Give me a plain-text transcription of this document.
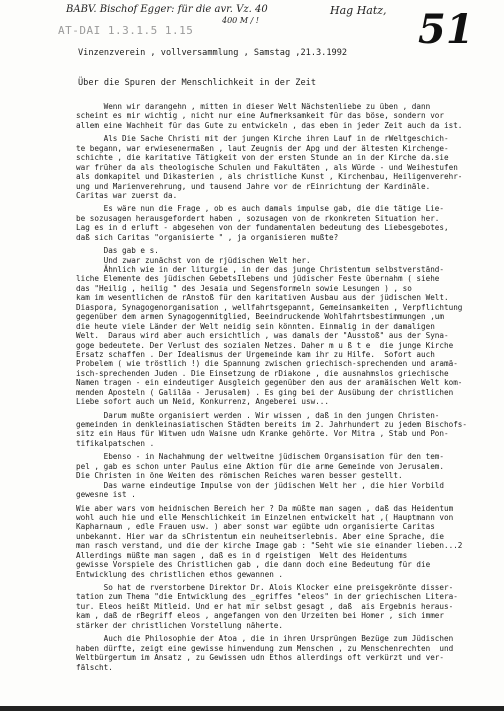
BABV. Bischof Egger: für die avr. Vz. 40
400 M / !
Hag Hatz,
AT-DAI 1.3.1.5 1.15	51
Vinzenzverein , vollversammlung , Samstag ,21.3.1992
Über die Spuren der Menschlichkeit in der Zeit
Wenn wir darangehn , mitten in dieser Welt Nächstenliebe zu üben , dann
scheint es mir wichtig , nicht nur eine Aufmerksamkeit für das böse, sondern vor
allem eine Wachheit für das Gute zu entwickeln , das eben in jeder Zeit auch da ist.
Als Die Sache Christi mit der jungen Kirche ihren Lauf in de rWeltgeschich-
te begann, war erwiesenermaßen , laut Zeugnis der Apg und der ältesten Kirchenge-
schichte , die karitative Tätigkeit von der ersten Stunde an in der Kirche da.sie
war früher da als theologische Schulen und Fakultäten , als Würde - und Weihestufen
als domkapitel und Dikasterien , als christliche Kunst , Kirchenbau, Heiligenverehr-
ung und Marienverehrung, und tausend Jahre vor de rEinrichtung der Kardinäle.
Caritas war zuerst da.
Es wäre nun die Frage , ob es auch damals impulse gab, die die tätige Lie-
be sozusagen herausgefordert haben , sozusagen von de rkonkreten Situation her.
Lag es in d erluft - abgesehen von der fundamentalen bedeutung des Liebesgebotes,
daß sich Caritas "organisierte " , ja organisieren mußte?
Das gab e s.
Und zwar zunächst von de rjüdischen Welt her.
Ähnlich wie in der liturgie , in der das junge Christentum selbstverständ-
liche Elemente des jüdischen GebetsIlebens und jüdischer Feste übernahm ( siehe
das "Heilig , heilig " des Jesaia und Segensformeln sowie Lesungen ) , so
kam im wesentlichen de rAnstoß für den karitativen Ausbau aus der jüdischen Welt.
Diaspora, Synagogenorganisation , wellfahrtsgepannt, Gemeinsamkeiten , Verpflichtung
gegenüber dem armen Synagogenmitglied, Beeindruckende Wohlfahrtsbestimmungen ,um
die heute viele Länder der Welt neidig sein könnten. Einmalig in der damaligen
Welt.  Daraus wird aber auch ersichtlich , was damals der "Ausstoß" aus der Syna-
goge bedeutete. Der Verlust des sozialen Netzes. Daher m u ß t e  die junge Kirche
Ersatz schaffen . Der Idealismus der Urgemeinde kam ihr zu Hilfe.  Sofort auch
Probelem ( wie tröstlich !) die Spannung zwischen griechisch-sprechenden und aramä-
isch-sprechenden Juden . Die Einsetzung de rDiakone , die ausnahmslos griechische
Namen tragen - ein eindeutiger Ausgleich gegenüber den aus der aramäischen Welt kom-
menden Aposteln ( Galiläa - Jerusalem) . Es ging bei der Ausübung der christlichen
Liebe sofort auch um Neid, Konkurrenz, Angeberei usw...
Darum mußte organisiert werden . Wir wissen , daß in den jungen Christen-
gemeinden in denkleinasiatischen Städten bereits im 2. Jahrhundert zu jedem Bischofs-
sitz ein Haus für Witwen udn Waisne udn Kranke gehörte. Vor Mitra , Stab und Pon-
tifikalpatschen .
Ebenso - in Nachahmung der weltweitne jüdischem Organsisation für den tem-
pel , gab es schon unter Paulus eine Aktion für die arme Gemeinde von Jerusalem.
Die Christen in öne Weiten des römischen Reiches waren besser gestellt.
Das warne eindeutige Impulse von der jüdischen Welt her , die hier Vorbild
gewesne ist .
Wie aber wars vom heidnischen Bereich her ? Da müßte man sagen , daß das Heidentum
wohl auch hie und elle Menschlichkeit im Einzelnen entwickelt hat ,( Hauptmann von
Kapharnaum , edle Frauen usw. ) aber sonst war egübte udn organisierte Caritas
unbekannt. Hier war da sChristentum ein neuheitserlebnis. Aber eine Sprache, die
man rasch verstand, und die der kirche Image gab : "Seht wie sie einander lieben...2
Allerdings müßte man sagen , daß es in d rgeistigen  Welt des Heidentums
gewisse Vorspiele des Christlichen gab , die dann doch eine Bedeutung für die
Entwicklung des christlichen ethos gewannen .
So hat de rverstorbene Direktor Dr. Alois Klocker eine preisgekrönte disser-
tation zum Thema "die Entwicklung des _egriffes "eleos" in der griechischen Litera-
tur. Eleos heißt Mitleid. Und er hat mir selbst gesagt , daß  ais Ergebnis heraus-
kam , daß de rBegriff eleos , angefangen von den Urzeiten bei Homer , sich immer
stärker der christlichen Vorstellung näherte.
Auch die Philosophie der Atoa , die in ihren Ursprüngen Bezüge zum Jüdischen
haben dürfte, zeigt eine gewisse hinwendung zum Menschen , zu Menschenrechten  und
Weltbürgertum im Ansatz , zu Gewissen udn Ethos allerdings oft verkürzt und ver-
fälscht.
